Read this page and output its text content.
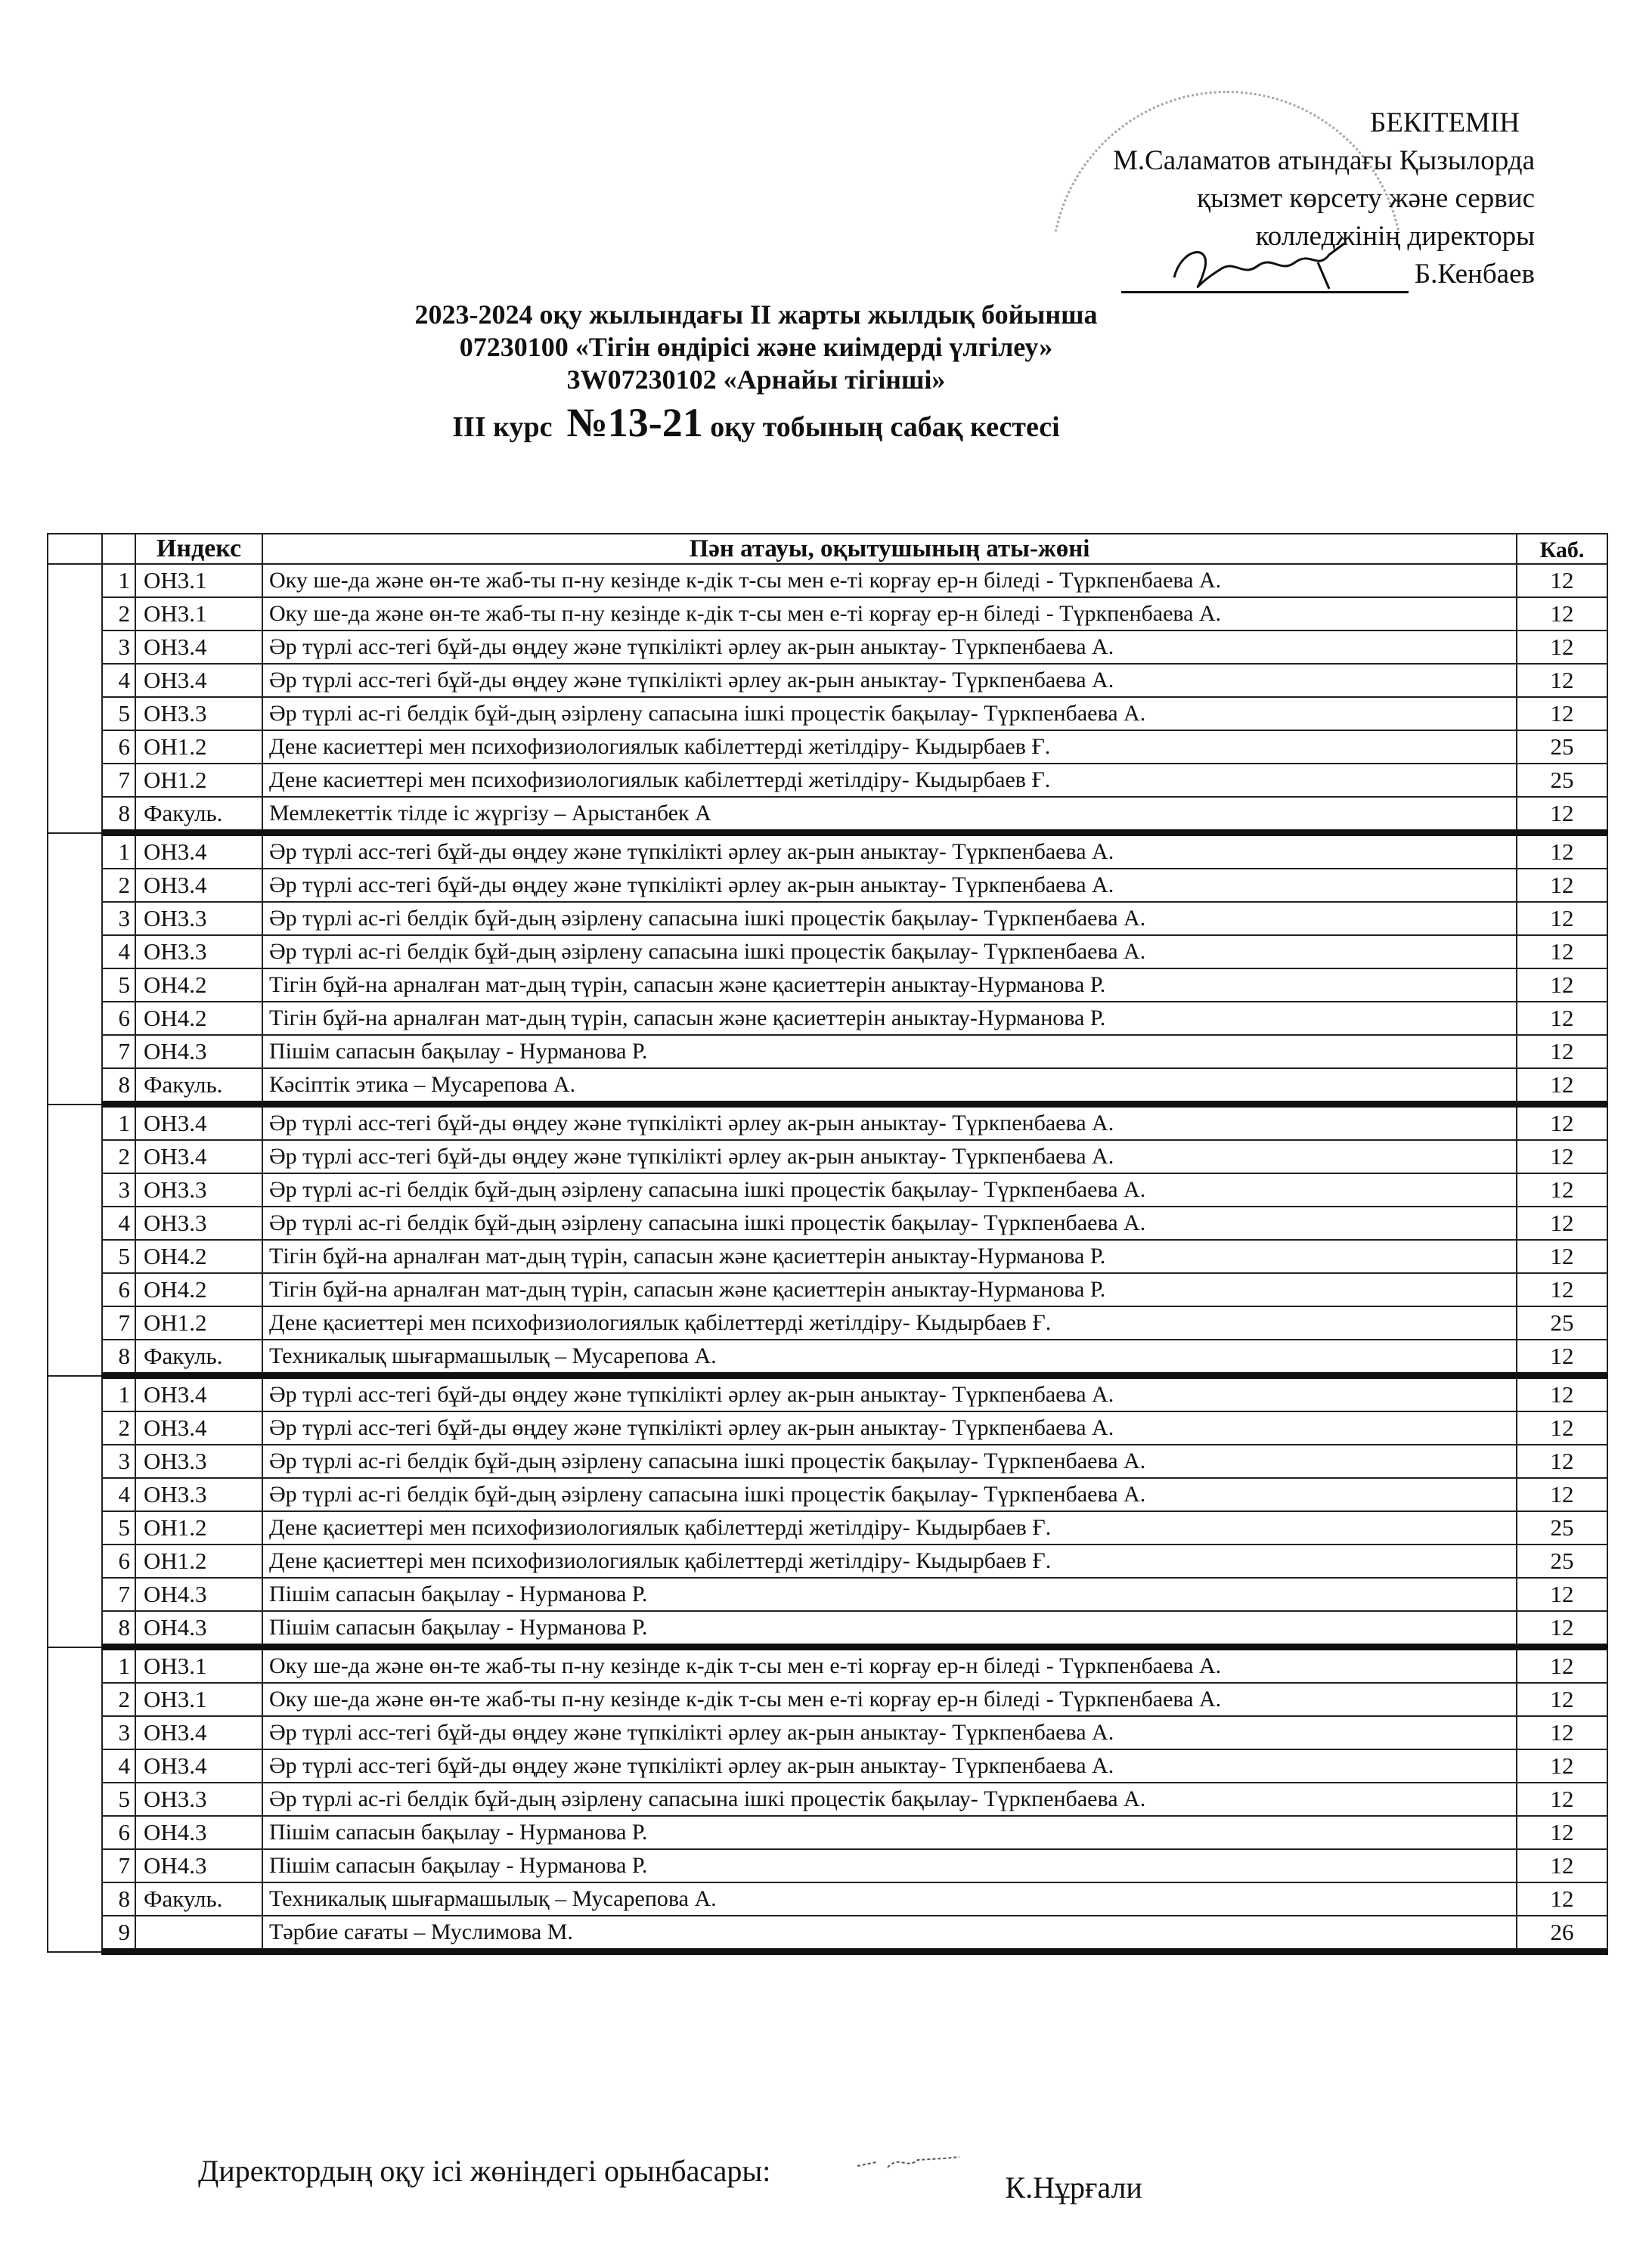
БЕКІТЕМІН
М.Саламатов атындағы Қызылорда
қызмет көрсету және сервис
колледжінің директоры
Б.Кенбаев
2023-2024 оқу жылындағы ІІ жарты жылдық бойынша
07230100 «Тігін өндірісі және киімдерді үлгілеу»
3W07230102 «Арнайы тігінші»
ІІІ курс №13-21 оқу тобының сабақ кестесі
		Индекс	Пән атауы, оқытушының аты-жөні	Каб.
	1	ОН3.1	Оку ше-да және өн-те жаб-ты п-ну кезінде к-дік т-сы мен е-ті корғау ер-н біледі - Түркпенбаева А.	12
	2	ОН3.1	Оку ше-да және өн-те жаб-ты п-ну кезінде к-дік т-сы мен е-ті корғау ер-н біледі - Түркпенбаева А.	12
	3	ОН3.4	Әр түрлі асс-тегі бұй-ды өңдеу және түпкілікті әрлеу ак-рын аныктау- Түркпенбаева А.	12
	4	ОН3.4	Әр түрлі асс-тегі бұй-ды өңдеу және түпкілікті әрлеу ак-рын аныктау- Түркпенбаева А.	12
	5	ОН3.3	Әр түрлі ас-гі белдік бұй-дың әзірлену сапасына ішкі процестік бақылау- Түркпенбаева А.	12
	6	ОН1.2	Дене касиеттері мен психофизиологиялык кабілеттерді жетілдіру- Кыдырбаев Ғ.	25
	7	ОН1.2	Дене касиеттері мен психофизиологиялык кабілеттерді жетілдіру- Кыдырбаев Ғ.	25
	8	Факуль.	Мемлекеттік тілде іс жүргізу – Арыстанбек А	12
	1	ОН3.4	Әр түрлі асс-тегі бұй-ды өңдеу және түпкілікті әрлеу ак-рын аныктау- Түркпенбаева А.	12
	2	ОН3.4	Әр түрлі асс-тегі бұй-ды өңдеу және түпкілікті әрлеу ак-рын аныктау- Түркпенбаева А.	12
	3	ОН3.3	Әр түрлі ас-гі белдік бұй-дың әзірлену сапасына ішкі процестік бақылау- Түркпенбаева А.	12
	4	ОН3.3	Әр түрлі ас-гі белдік бұй-дың әзірлену сапасына ішкі процестік бақылау- Түркпенбаева А.	12
	5	ОН4.2	Тігін бұй-на арналған мат-дың түрін, сапасын және қасиеттерін аныктау-Нурманова Р.	12
	6	ОН4.2	Тігін бұй-на арналған мат-дың түрін, сапасын және қасиеттерін аныктау-Нурманова Р.	12
	7	ОН4.3	Пішім сапасын бақылау - Нурманова Р.	12
	8	Факуль.	Кәсіптік этика – Мусарепова А.	12
	1	ОН3.4	Әр түрлі асс-тегі бұй-ды өңдеу және түпкілікті әрлеу ак-рын аныктау- Түркпенбаева А.	12
	2	ОН3.4	Әр түрлі асс-тегі бұй-ды өңдеу және түпкілікті әрлеу ак-рын аныктау- Түркпенбаева А.	12
	3	ОН3.3	Әр түрлі ас-гі белдік бұй-дың әзірлену сапасына ішкі процестік бақылау- Түркпенбаева А.	12
	4	ОН3.3	Әр түрлі ас-гі белдік бұй-дың әзірлену сапасына ішкі процестік бақылау- Түркпенбаева А.	12
	5	ОН4.2	Тігін бұй-на арналған мат-дың түрін, сапасын және қасиеттерін аныктау-Нурманова Р.	12
	6	ОН4.2	Тігін бұй-на арналған мат-дың түрін, сапасын және қасиеттерін аныктау-Нурманова Р.	12
	7	ОН1.2	Дене қасиеттері мен психофизиологиялык қабілеттерді жетілдіру- Кыдырбаев Ғ.	25
	8	Факуль.	Техникалық шығармашылық – Мусарепова А.	12
	1	ОН3.4	Әр түрлі асс-тегі бұй-ды өңдеу және түпкілікті әрлеу ак-рын аныктау- Түркпенбаева А.	12
	2	ОН3.4	Әр түрлі асс-тегі бұй-ды өңдеу және түпкілікті әрлеу ак-рын аныктау- Түркпенбаева А.	12
	3	ОН3.3	Әр түрлі ас-гі белдік бұй-дың әзірлену сапасына ішкі процестік бақылау- Түркпенбаева А.	12
	4	ОН3.3	Әр түрлі ас-гі белдік бұй-дың әзірлену сапасына ішкі процестік бақылау- Түркпенбаева А.	12
	5	ОН1.2	Дене қасиеттері мен психофизиологиялык қабілеттерді жетілдіру- Кыдырбаев Ғ.	25
	6	ОН1.2	Дене қасиеттері мен психофизиологиялык қабілеттерді жетілдіру- Кыдырбаев Ғ.	25
	7	ОН4.3	Пішім сапасын бақылау - Нурманова Р.	12
	8	ОН4.3	Пішім сапасын бақылау - Нурманова Р.	12
	1	ОН3.1	Оку ше-да және өн-те жаб-ты п-ну кезінде к-дік т-сы мен е-ті корғау ер-н біледі - Түркпенбаева А.	12
	2	ОН3.1	Оку ше-да және өн-те жаб-ты п-ну кезінде к-дік т-сы мен е-ті корғау ер-н біледі - Түркпенбаева А.	12
	3	ОН3.4	Әр түрлі асс-тегі бұй-ды өңдеу және түпкілікті әрлеу ак-рын аныктау- Түркпенбаева А.	12
	4	ОН3.4	Әр түрлі асс-тегі бұй-ды өңдеу және түпкілікті әрлеу ак-рын аныктау- Түркпенбаева А.	12
	5	ОН3.3	Әр түрлі ас-гі белдік бұй-дың әзірлену сапасына ішкі процестік бақылау- Түркпенбаева А.	12
	6	ОН4.3	Пішім сапасын бақылау - Нурманова Р.	12
	7	ОН4.3	Пішім сапасын бақылау - Нурманова Р.	12
	8	Факуль.	Техникалық шығармашылық – Мусарепова А.	12
	9		Тәрбие сағаты – Муслимова М.	26
Директордың оқу ісі жөніндегі орынбасары:	К.Нұрғали
